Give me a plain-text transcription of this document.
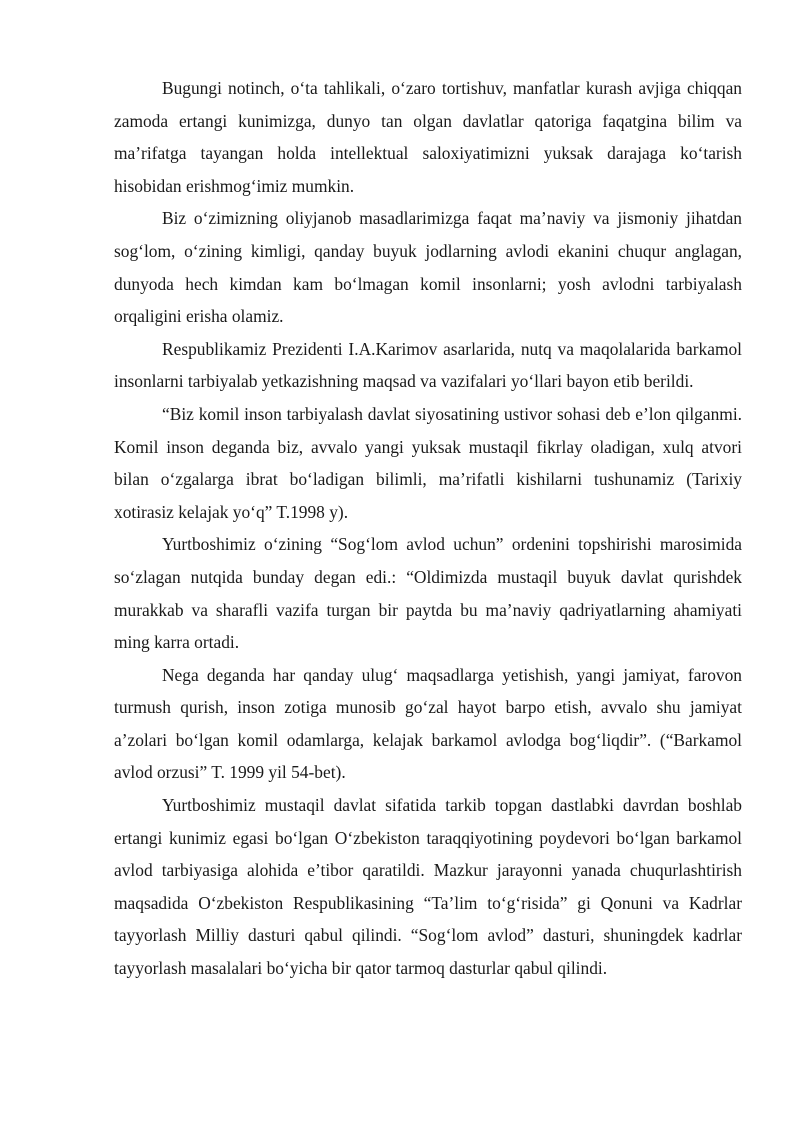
Bugungi notinch, o‘ta tahlikali, o‘zaro tortishuv, manfatlar kurash avjiga chiqqan zamoda ertangi kunimizga, dunyo tan olgan davlatlar qatoriga faqatgina bilim va ma’rifatga tayangan holda intellektual saloxiyatimizni yuksak darajaga ko‘tarish hisobidan erishmog‘imiz mumkin.

Biz o‘zimizning oliyjanob masadlarimizga faqat ma’naviy va jismoniy jihatdan sog‘lom, o‘zining kimligi, qanday buyuk jodlarning avlodi ekanini chuqur anglagan, dunyoda hech kimdan kam bo‘lmagan komil insonlarni; yosh avlodni tarbiyalash orqaligini erisha olamiz.

Respublikamiz Prezidenti I.A.Karimov asarlarida, nutq va maqolalarida barkamol insonlarni tarbiyalab yetkazishning maqsad va vazifalari yo‘llari bayon etib berildi.

“Biz komil inson tarbiyalash davlat siyosatining ustivor sohasi deb e’lon qilganmi. Komil inson deganda biz, avvalo yangi yuksak mustaqil fikrlay oladigan, xulq atvori bilan o‘zgalarga ibrat bo‘ladigan bilimli, ma’rifatli kishilarni tushunamiz (Tarixiy xotirasiz kelajak yo‘q” T.1998 y).

Yurtboshimiz o‘zining “Sog‘lom avlod uchun” ordenini topshirishi marosimida so‘zlagan nutqida bunday degan edi.: “Oldimizda mustaqil buyuk davlat qurishdek murakkab va sharafli vazifa turgan bir paytda bu ma’naviy qadriyatlarning ahamiyati ming karra ortadi.

Nega deganda har qanday ulug‘ maqsadlarga yetishish, yangi jamiyat, farovon turmush qurish, inson zotiga munosib go‘zal hayot barpo etish, avvalo shu jamiyat a’zolari bo‘lgan komil odamlarga, kelajak barkamol avlodga bog‘liqdir”. (“Barkamol avlod orzusi” T. 1999 yil 54-bet).

Yurtboshimiz mustaqil davlat sifatida tarkib topgan dastlabki davrdan boshlab ertangi kunimiz egasi bo‘lgan O‘zbekiston taraqqiyotining poydevori bo‘lgan barkamol avlod tarbiyasiga alohida e’tibor qaratildi. Mazkur jarayonni yanada chuqurlashtirish maqsadida O‘zbekiston Respublikasining “Ta’lim to‘g‘risida” gi Qonuni va Kadrlar tayyorlash Milliy dasturi qabul qilindi. “Sog‘lom avlod” dasturi, shuningdek kadrlar tayyorlash masalalari bo‘yicha bir qator tarmoq dasturlar qabul qilindi.
